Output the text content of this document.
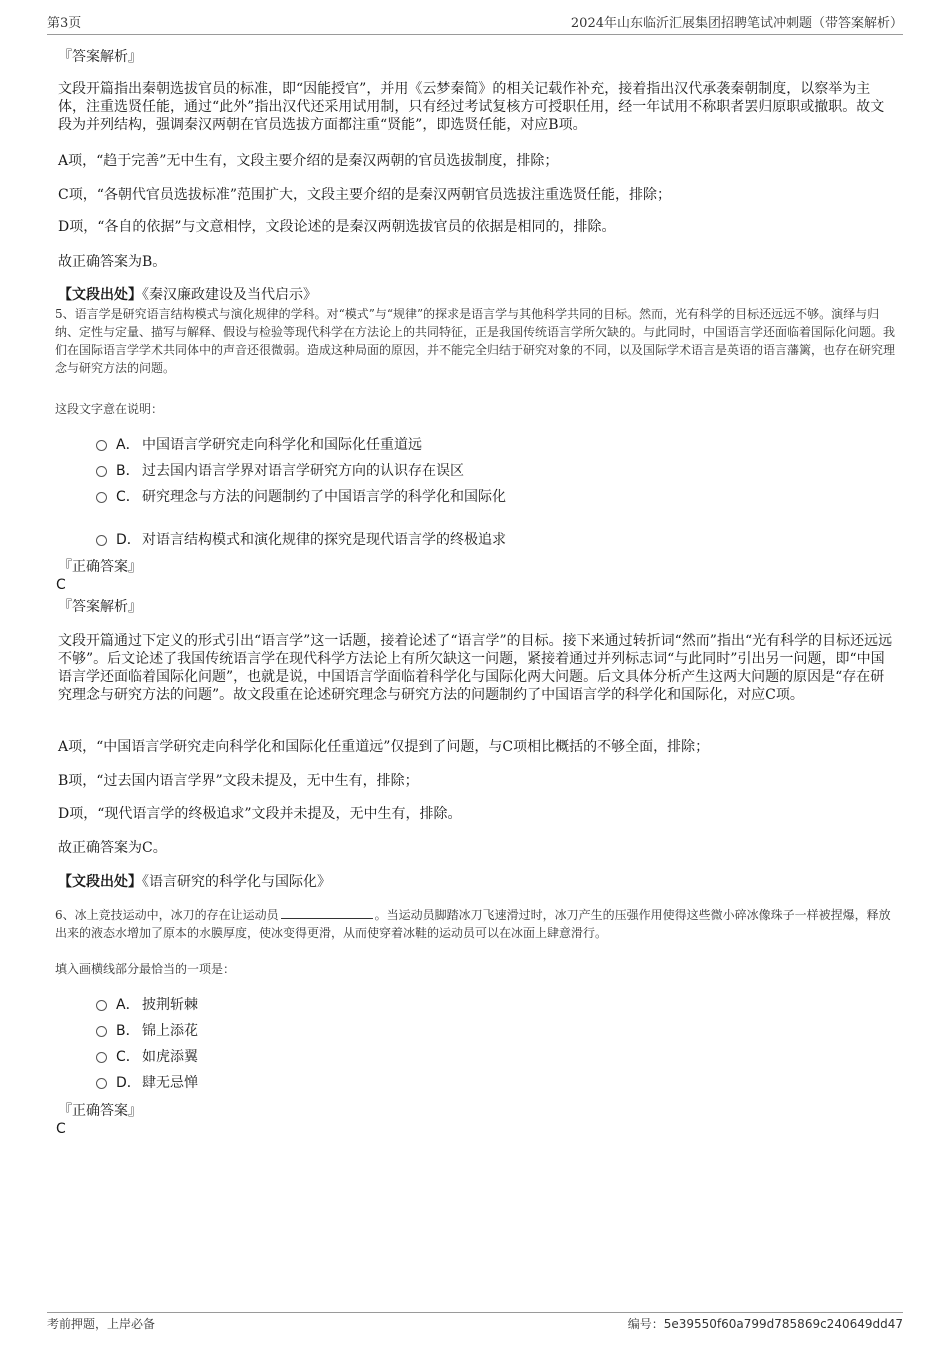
第3页	2024年山东临沂汇展集团招聘笔试冲刺题（带答案解析）
『答案解析』

文段开篇指出秦朝选拔官员的标准，即“因能授官”，并用《云梦秦简》的相关记载作补充，接着指出汉代承袭秦朝制度，以察举为主体，注重选贤任能，通过“此外”指出汉代还采用试用制，只有经过考试复核方可授职任用，经一年试用不称职者罢归原职或撤职。故文段为并列结构，强调秦汉两朝在官员选拔方面都注重“贤能”，即选贤任能，对应B项。

A项，“趋于完善”无中生有，文段主要介绍的是秦汉两朝的官员选拔制度，排除；

C项，“各朝代官员选拔标准”范围扩大，文段主要介绍的是秦汉两朝官员选拔注重选贤任能，排除；

D项，“各自的依据”与文意相悖，文段论述的是秦汉两朝选拔官员的依据是相同的，排除。

故正确答案为B。

【文段出处】《秦汉廉政建设及当代启示》

5、语言学是研究语言结构模式与演化规律的学科。对“模式”与“规律”的探求是语言学与其他科学共同的目标。然而，光有科学的目标还远远不够。演绎与归纳、定性与定量、描写与解释、假设与检验等现代科学在方法论上的共同特征，正是我国传统语言学所欠缺的。与此同时，中国语言学还面临着国际化问题。我们在国际语言学学术共同体中的声音还很微弱。造成这种局面的原因，并不能完全归结于研究对象的不同，以及国际学术语言是英语的语言藩篱，也存在研究理念与研究方法的问题。

这段文字意在说明：

A． 中国语言学研究走向科学化和国际化任重道远
B． 过去国内语言学界对语言学研究方向的认识存在误区
C． 研究理念与方法的问题制约了中国语言学的科学化和国际化
D．对语言结构模式和演化规律的探究是现代语言学的终极追求
『正确答案』
C
『答案解析』

文段开篇通过下定义的形式引出“语言学”这一话题，接着论述了“语言学”的目标。接下来通过转折词“然而”指出“光有科学的目标还远远不够”。后文论述了我国传统语言学在现代科学方法论上有所欠缺这一问题，紧接着通过并列标志词“与此同时”引出另一问题，即“中国语言学还面临着国际化问题”，也就是说，中国语言学面临着科学化与国际化两大问题。后文具体分析产生这两大问题的原因是“存在研究理念与研究方法的问题”。故文段重在论述研究理念与研究方法的问题制约了中国语言学的科学化和国际化，对应C项。

A项，“中国语言学研究走向科学化和国际化任重道远”仅提到了问题，与C项相比概括的不够全面，排除；

B项，“过去国内语言学界”文段未提及，无中生有，排除；

D项，“现代语言学的终极追求”文段并未提及，无中生有，排除。

故正确答案为C。

【文段出处】《语言研究的科学化与国际化》

6、冰上竞技运动中，冰刀的存在让运动员	。当运动员脚踏冰刀飞速滑过时，冰刀产生的压强作用使得这些微小碎冰像珠子一样被捏爆，释放出来的液态水增加了原本的水膜厚度，使冰变得更滑，从而使穿着冰鞋的运动员可以在冰面上肆意滑行。

填入画横线部分最恰当的一项是：

A． 披荆斩棘
B． 锦上添花
C． 如虎添翼
D．肆无忌惮
『正确答案』
C
考前押题，上岸必备	编号：5e39550f60a799d785869c240649dd47
